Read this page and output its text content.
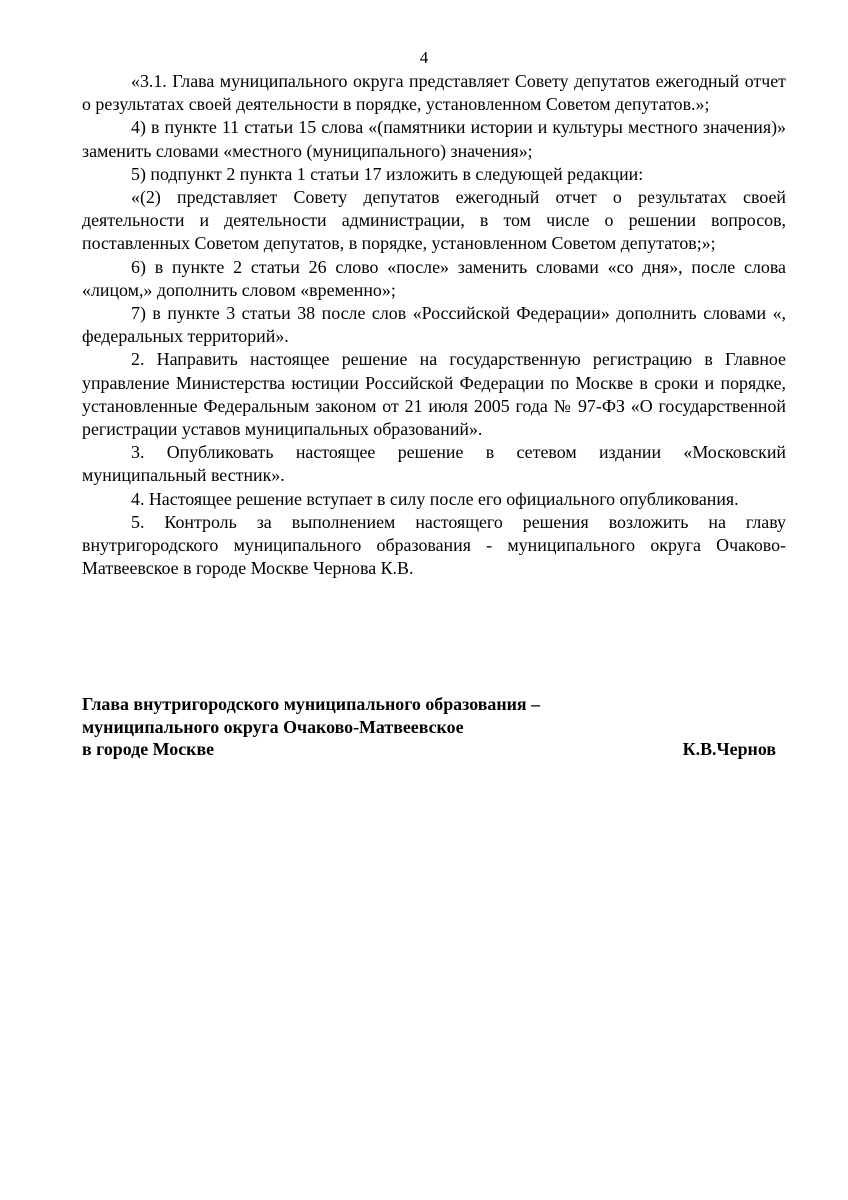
4

«3.1. Глава муниципального округа представляет Совету депутатов ежегодный отчет о результатах своей деятельности в порядке, установленном Советом депутатов.»;

4) в пункте 11 статьи 15 слова «(памятники истории и культуры местного значения)» заменить словами «местного (муниципального) значения»;

5) подпункт 2 пункта 1 статьи 17 изложить в следующей редакции:

«(2) представляет Совету депутатов ежегодный отчет о результатах своей деятельности и деятельности администрации, в том числе о решении вопросов, поставленных Советом депутатов, в порядке, установленном Советом депутатов;»;

6) в пункте 2 статьи 26 слово «после» заменить словами «со дня», после слова «лицом,» дополнить словом «временно»;

7) в пункте 3 статьи 38 после слов «Российской Федерации» дополнить словами «, федеральных территорий».

2. Направить настоящее решение на государственную регистрацию в Главное управление Министерства юстиции Российской Федерации по Москве в сроки и порядке, установленные Федеральным законом от 21 июля 2005 года № 97-ФЗ «О государственной регистрации уставов муниципальных образований».

3. Опубликовать настоящее решение в сетевом издании «Московский муниципальный вестник».

4. Настоящее решение вступает в силу после его официального опубликования.

5. Контроль за выполнением настоящего решения возложить на главу внутригородского муниципального образования - муниципального округа Очаково-Матвеевское в городе Москве Чернова К.В.

Глава внутригородского муниципального образования –
муниципального округа Очаково-Матвеевское
в городе Москве	К.В.Чернов
